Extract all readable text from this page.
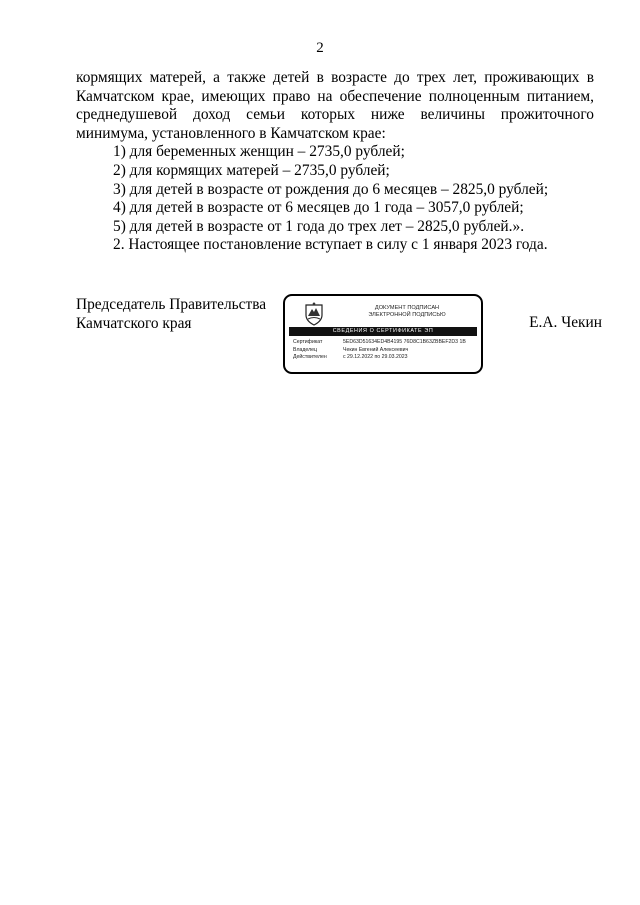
2

кормящих матерей, а также детей в возрасте до трех лет, проживающих в Камчатском крае, имеющих право на обеспечение полноценным питанием, среднедушевой доход семьи которых ниже величины прожиточного минимума, установленного в Камчатском крае:

1) для беременных женщин – 2735,0 рублей;

2) для кормящих матерей – 2735,0 рублей;

3) для детей в возрасте от рождения до 6 месяцев – 2825,0 рублей;

4) для детей в возрасте от 6 месяцев до 1 года – 3057,0 рублей;

5) для детей в возрасте от 1 года до трех лет – 2825,0 рублей.».

2. Настоящее постановление вступает в силу с 1 января 2023 года.

Председатель Правительства
Камчатского края
ДОКУМЕНТ ПОДПИСАН
ЭЛЕКТРОННОЙ ПОДПИСЬЮ
СВЕДЕНИЯ О СЕРТИФИКАТЕ ЭП
Сертификат	5ED63D51634ED4B4195 76D8C1B63ZBBEF2D3 1B
Владелец	Чекин Евгений Алексеевич
Действителен	с 29.12.2022 по 29.03.2023
Е.А. Чекин
